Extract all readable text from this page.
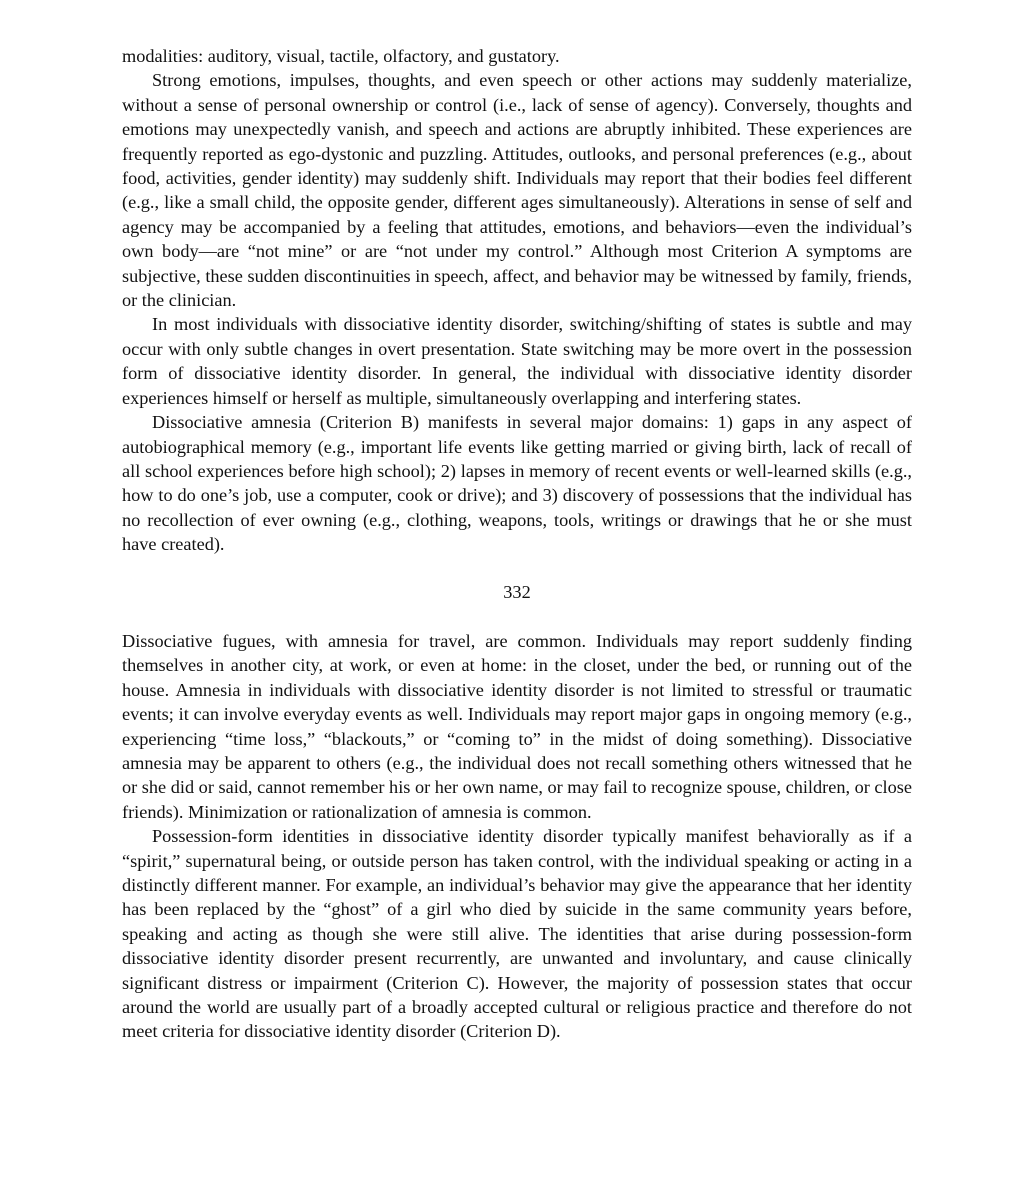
modalities: auditory, visual, tactile, olfactory, and gustatory.

Strong emotions, impulses, thoughts, and even speech or other actions may suddenly materialize, without a sense of personal ownership or control (i.e., lack of sense of agency). Conversely, thoughts and emotions may unexpectedly vanish, and speech and actions are abruptly inhibited. These experiences are frequently reported as ego-dystonic and puzzling. Attitudes, outlooks, and personal preferences (e.g., about food, activities, gender identity) may suddenly shift. Individuals may report that their bodies feel different (e.g., like a small child, the opposite gender, different ages simultaneously). Alterations in sense of self and agency may be accompanied by a feeling that attitudes, emotions, and behaviors—even the individual’s own body—are “not mine” or are “not under my control.” Although most Criterion A symptoms are subjective, these sudden discontinuities in speech, affect, and behavior may be witnessed by family, friends, or the clinician.

In most individuals with dissociative identity disorder, switching/shifting of states is subtle and may occur with only subtle changes in overt presentation. State switching may be more overt in the possession form of dissociative identity disorder. In general, the individual with dissociative identity disorder experiences himself or herself as multiple, simultaneously overlapping and interfering states.

Dissociative amnesia (Criterion B) manifests in several major domains: 1) gaps in any aspect of autobiographical memory (e.g., important life events like getting married or giving birth, lack of recall of all school experiences before high school); 2) lapses in memory of recent events or well-learned skills (e.g., how to do one’s job, use a computer, cook or drive); and 3) discovery of possessions that the individual has no recollection of ever owning (e.g., clothing, weapons, tools, writings or drawings that he or she must have created).

332

Dissociative fugues, with amnesia for travel, are common. Individuals may report suddenly finding themselves in another city, at work, or even at home: in the closet, under the bed, or running out of the house. Amnesia in individuals with dissociative identity disorder is not limited to stressful or traumatic events; it can involve everyday events as well. Individuals may report major gaps in ongoing memory (e.g., experiencing “time loss,” “blackouts,” or “coming to” in the midst of doing something). Dissociative amnesia may be apparent to others (e.g., the individual does not recall something others witnessed that he or she did or said, cannot remember his or her own name, or may fail to recognize spouse, children, or close friends). Minimization or rationalization of amnesia is common.

Possession-form identities in dissociative identity disorder typically manifest behaviorally as if a “spirit,” supernatural being, or outside person has taken control, with the individual speaking or acting in a distinctly different manner. For example, an individual’s behavior may give the appearance that her identity has been replaced by the “ghost” of a girl who died by suicide in the same community years before, speaking and acting as though she were still alive. The identities that arise during possession-form dissociative identity disorder present recurrently, are unwanted and involuntary, and cause clinically significant distress or impairment (Criterion C). However, the majority of possession states that occur around the world are usually part of a broadly accepted cultural or religious practice and therefore do not meet criteria for dissociative identity disorder (Criterion D).
